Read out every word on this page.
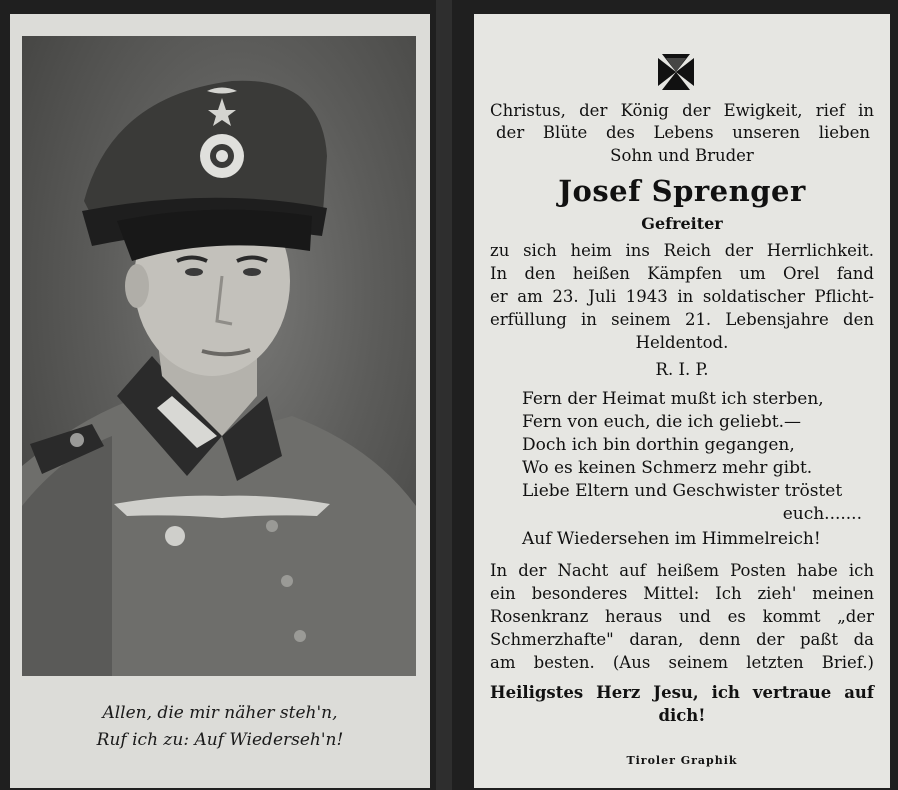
Allen, die mir näher steh'n,
Ruf ich zu: Auf Wiederseh'n!
Christus, der König der Ewigkeit, rief in
der Blüte des Lebens unseren lieben
Sohn und Bruder
Josef Sprenger
Gefreiter
zu sich heim ins Reich der Herrlichkeit.
In den heißen Kämpfen um Orel fand
er am 23. Juli 1943 in soldatischer Pflicht-
erfüllung in seinem 21. Lebensjahre den
Heldentod.
R. I. P.
Fern der Heimat mußt ich sterben,
Fern von euch, die ich geliebt.—
Doch ich bin dorthin gegangen,
Wo es keinen Schmerz mehr gibt.
Liebe Eltern und Geschwister tröstet
euch.......
Auf Wiedersehen im Himmelreich!
In der Nacht auf heißem Posten habe ich
ein besonderes Mittel: Ich zieh' meinen
Rosenkranz heraus und es kommt „der
Schmerzhafte" daran, denn der paßt da
am besten. (Aus seinem letzten Brief.)
Heiligstes Herz Jesu, ich vertraue auf
dich!
Tiroler Graphik
